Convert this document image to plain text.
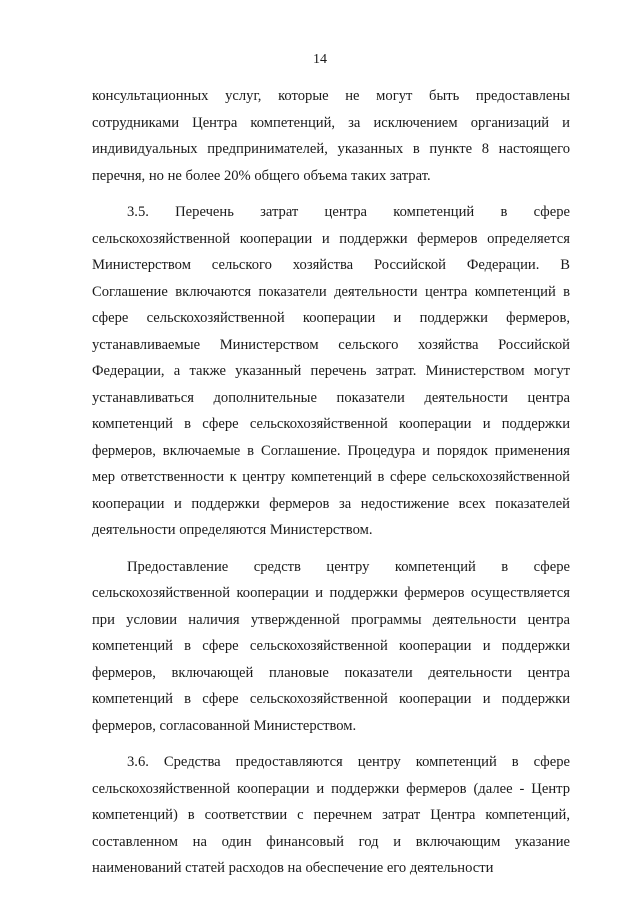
14
консультационных услуг, которые не могут быть предоставлены
сотрудниками Центра компетенций, за исключением организаций и
индивидуальных предпринимателей, указанных в пункте 8 настоящего
перечня, но не более 20% общего объема таких затрат.
3.5. Перечень затрат центра компетенций в сфере
сельскохозяйственной кооперации и поддержки фермеров определяется
Министерством сельского хозяйства Российской Федерации. В
Соглашение включаются показатели деятельности центра компетенций в
сфере сельскохозяйственной кооперации и поддержки фермеров,
устанавливаемые Министерством сельского хозяйства Российской
Федерации, а также указанный перечень затрат. Министерством могут
устанавливаться дополнительные показатели деятельности центра
компетенций в сфере сельскохозяйственной кооперации и поддержки
фермеров, включаемые в Соглашение. Процедура и порядок применения
мер ответственности к центру компетенций в сфере сельскохозяйственной
кооперации и поддержки фермеров за недостижение всех показателей
деятельности определяются Министерством.
Предоставление средств центру компетенций в сфере
сельскохозяйственной кооперации и поддержки фермеров осуществляется
при условии наличия утвержденной программы деятельности центра
компетенций в сфере сельскохозяйственной кооперации и поддержки
фермеров, включающей плановые показатели деятельности центра
компетенций в сфере сельскохозяйственной кооперации и поддержки
фермеров, согласованной Министерством.
3.6. Средства предоставляются центру компетенций в сфере
сельскохозяйственной кооперации и поддержки фермеров (далее - Центр
компетенций) в соответствии с перечнем затрат Центра компетенций,
составленном на один финансовый год и включающим указание
наименований статей расходов на обеспечение его деятельности
